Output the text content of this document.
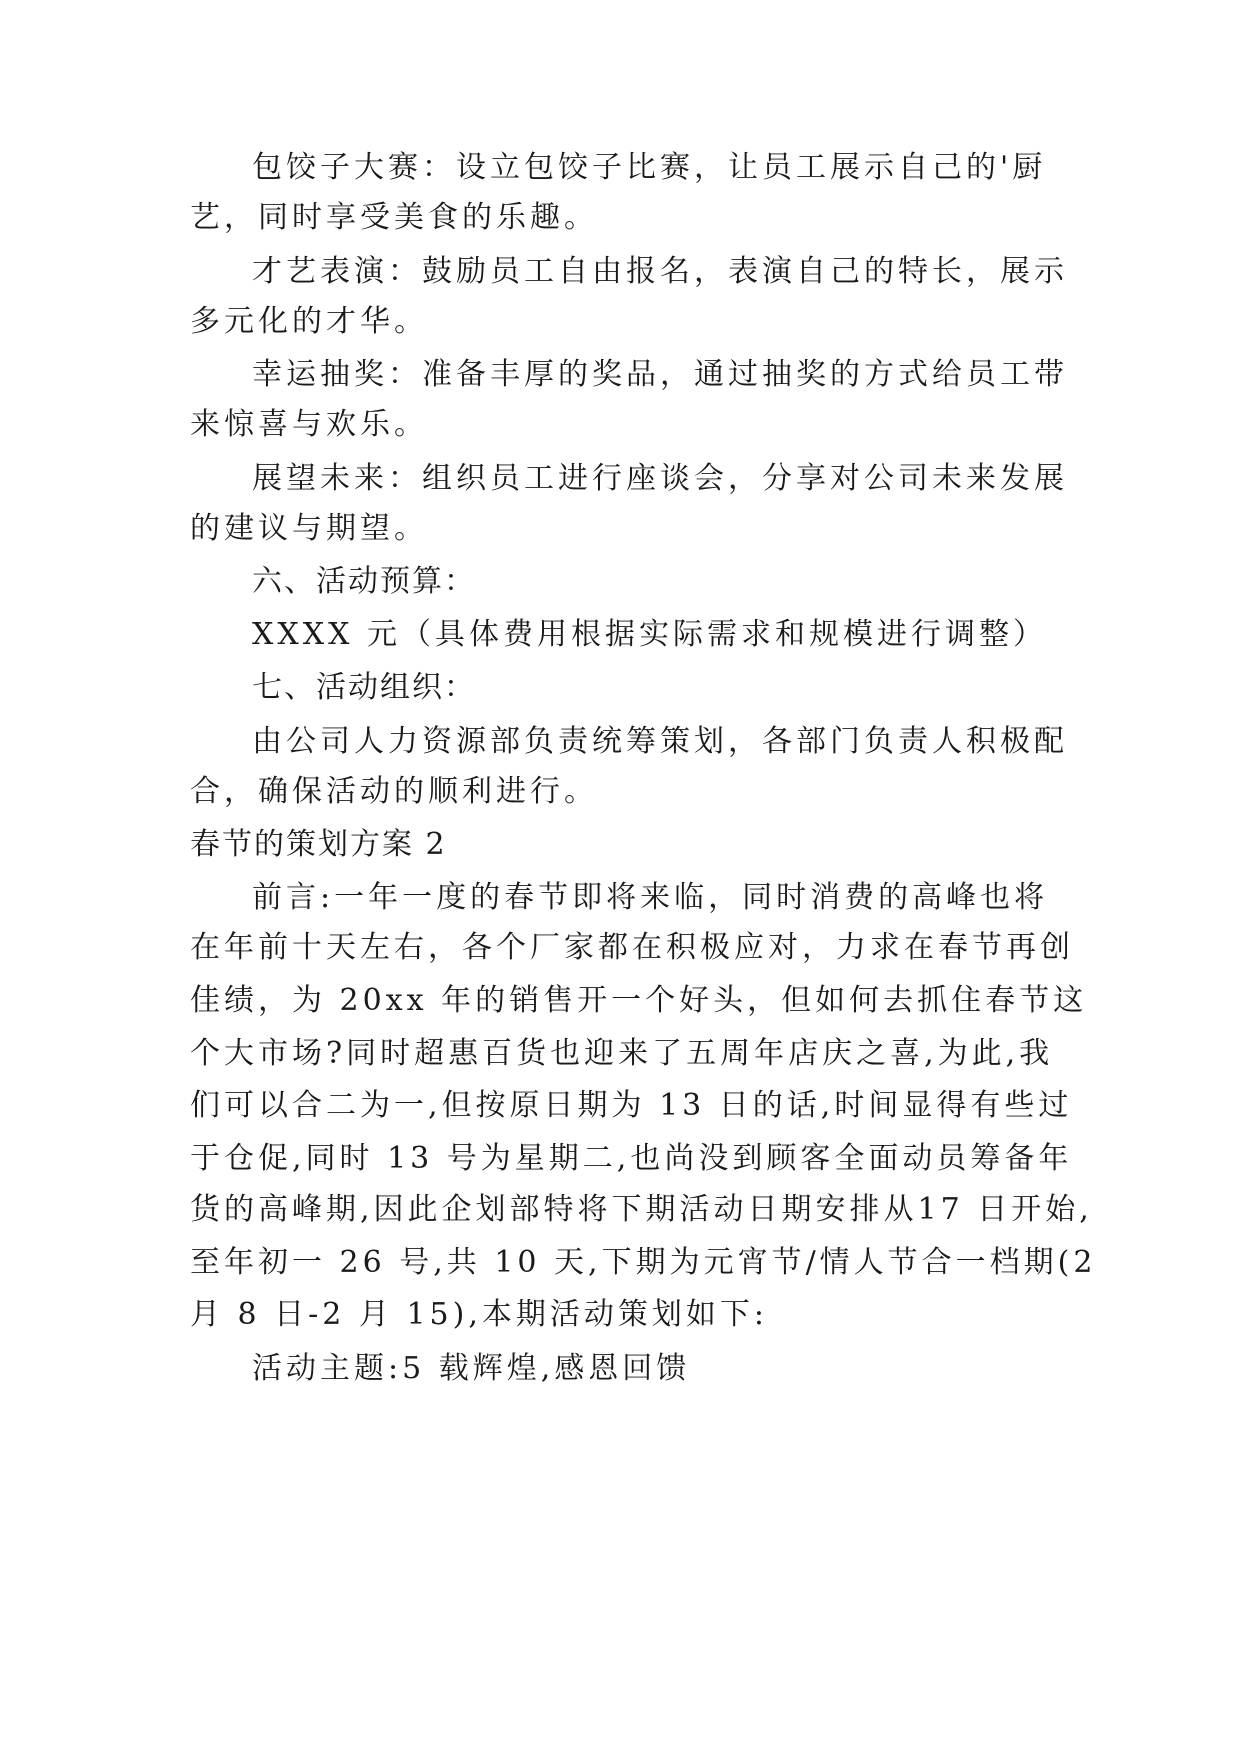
包饺子大赛：设立包饺子比赛，让员工展示自己的'厨
艺，同时享受美食的乐趣。
才艺表演：鼓励员工自由报名，表演自己的特长，展示
多元化的才华。
幸运抽奖：准备丰厚的奖品，通过抽奖的方式给员工带
来惊喜与欢乐。
展望未来：组织员工进行座谈会，分享对公司未来发展
的建议与期望。
六、活动预算：
XXXX 元（具体费用根据实际需求和规模进行调整）
七、活动组织：
由公司人力资源部负责统筹策划，各部门负责人积极配
合，确保活动的顺利进行。
春节的策划方案 2
前言:一年一度的春节即将来临，同时消费的高峰也将
在年前十天左右，各个厂家都在积极应对，力求在春节再创
佳绩，为 20xx 年的销售开一个好头，但如何去抓住春节这
个大市场?同时超惠百货也迎来了五周年店庆之喜,为此,我
们可以合二为一,但按原日期为 13 日的话,时间显得有些过
于仓促,同时 13 号为星期二,也尚没到顾客全面动员筹备年
货的高峰期,因此企划部特将下期活动日期安排从17 日开始,
至年初一 26 号,共 10 天,下期为元宵节/情人节合一档期(2
月 8 日-2 月 15),本期活动策划如下:
活动主题:5 载辉煌,感恩回馈
